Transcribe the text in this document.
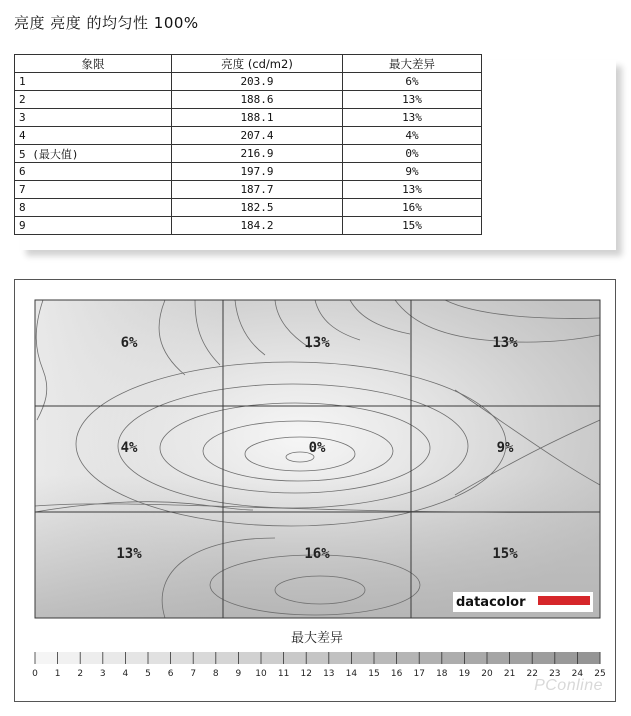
亮度 亮度 的均匀性 100%
象限	亮度 (cd/m2)	最大差异
1	203.9	6%
2	188.6	13%
3	188.1	13%
4	207.4	4%
5 (最大值)	216.9	0%
6	197.9	9%
7	187.7	13%
8	182.5	16%
9	184.2	15%
6%	13%	13%
4%	0%	9%
13%	16%	15%
datacolor
最大差异
0 1 2 3 4 5 6 7 8 9 10 11 12 13 14 15 16 17 18 19 20 21 22 23 24 25
PConline
